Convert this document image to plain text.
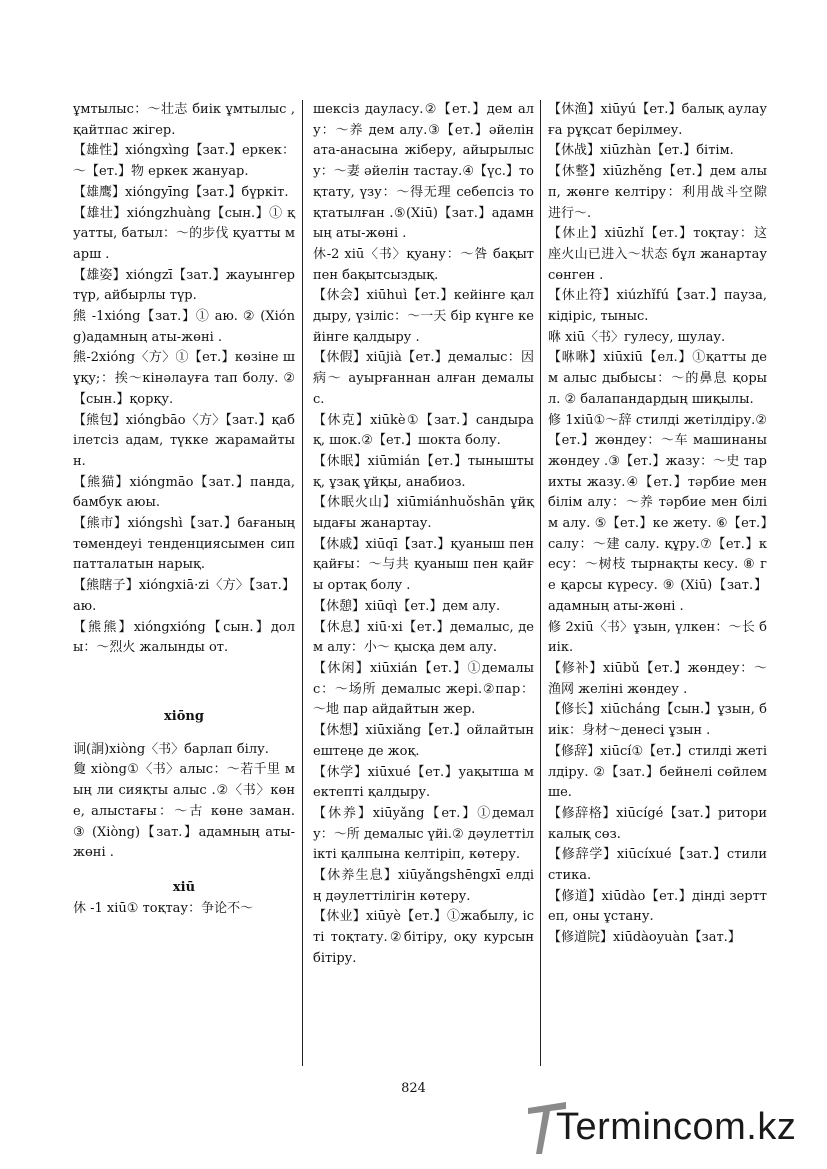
ұмтылыс：～壮志 биік ұмтылыс , қайтпас жігер.

【雄性】xióngxìng【зат.】еркек：～【ет.】物 еркек жануар.

【雄鹰】xióngyīng【зат.】бүркіт.

【雄壮】xióngzhuàng【сын.】① қуатты, батыл：～的步伐 қуатты марш .

【雄姿】xióngzī【зат.】жауынгер түр, айбырлы түр.

熊 -1xióng【зат.】① аю. ② (Xióng)адамның аты-жөні .

熊-2xióng〈方〉①【ет.】көзіне шұқу;：挨～кінәлауға тап болу. ②【сын.】қорқу.

【熊包】xióngbāo〈方〉【зат.】қабілетсіз адам, түкке жарамайтын.

【熊猫】xióngmāo【зат.】панда, бамбук аюы.

【熊市】xióngshì【зат.】бағаның төмендеуі тенденциясымен сиппатталатын нарық.

【熊瞎子】xióngxiā·zi〈方〉【зат.】аю.

【熊熊】xióngxióng【сын.】долы：～烈火 жалынды от.

xiōng

诇(詗)xiòng〈书〉барлап білу.

敻 xiòng①〈书〉алыс：～若千里 мың ли сияқты алыс .②〈书〉көне, алыстағы：～古 көне заман. ③ (Xiòng)【зат.】адамның аты-жөні .

xiū

休 -1 xiū① тоқтау：争论不～

шексіз дауласу.②【ет.】дем алу：～养 дем алу.③【ет.】әйелін ата-анасына жіберу, айырылысу：～妻 әйелін тастау.④【үс.】тоқтату, үзу：～得无理 себепсіз тоқтатылған .⑤(Xiū)【зат.】адамның аты-жөні .

休-2 xiū〈书〉қуану：～咎 бақыт пен бақытсыздық.

【休会】xiūhuì【ет.】кейінге қалдыру, үзіліс：～一天 бір күнге кейінге қалдыру .

【休假】xiūjià【ет.】демалыс：因病～ ауырғаннан алған демалыс.

【休克】xiūkè①【зат.】сандырақ, шок.②【ет.】шокта болу.

【休眠】xiūmián【ет.】тыныштық, ұзақ ұйқы, анабиоз.

【休眠火山】xiūmiánhuǒshān ұйқыдағы жанартау.

【休戚】xiūqī【зат.】қуаныш пен қайғы：～与共 қуаныш пен қайғы ортақ болу .

【休憩】xiūqì【ет.】дем алу.

【休息】xiū·xi【ет.】демалыс, дем алу：小～ қысқа дем алу.

【休闲】xiūxián【ет.】①демалыс：～场所 демалыс жері.②пар：～地 пар айдайтын жер.

【休想】xiūxiǎng【ет.】ойлайтын ештеңе де жоқ.

【休学】xiūxué【ет.】уақытша мектепті қалдыру.

【休养】xiūyǎng【ет.】①демалу：～所 демалыс үйі.② дәулеттілікті қалпына келтіріп, көтеру.

【休养生息】xiūyǎngshēngxī елдің дәулеттілігін көтеру.

【休业】xiūyè【ет.】①жабылу, істі тоқтату.②бітіру, оқу курсын бітіру.

【休渔】xiūyú【ет.】балық аулауға рұқсат берілмеу.

【休战】xiūzhàn【ет.】бітім.

【休整】xiūzhěng【ет.】дем алып, жөнге келтіру：利用战斗空隙进行～.

【休止】xiūzhǐ【ет.】тоқтау：这座火山已进入～状态 бұл жанартау сөнген .

【休止符】xiúzhǐfú【зат.】пауза, кідіріс, тыныс.

咻 xiū〈书〉гулесу, шулау.

【咻咻】xiūxiū【ел.】①қатты дем алыс дыбысы：～的鼻息 қорыл. ② балапандардың шиқылы.

修 1xiū①～辞 стилді жетілдіру.②【ет.】жөндеу：～车 машинаны жөндеу .③【ет.】жазу：～史 тарихты жазу.④【ет.】тәрбие мен білім алу：～养 тәрбие мен білім алу. ⑤【ет.】ке жету. ⑥【ет.】салу：～建 салу. құру.⑦【ет.】кесу：～树枝 тырнақты кесу. ⑧ ге қарсы күресу. ⑨ (Xiū)【зат.】адамның аты-жөні .

修 2xiū〈书〉ұзын, үлкен：～长 биік.

【修补】xiūbǔ【ет.】жөндеу：～渔网 желіні жөндеу .

【修长】xiūcháng【сын.】ұзын, биік：身材～денесі ұзын .

【修辞】xiūcí①【ет.】стилді жетілдіру. ②【зат.】бейнелі сөйлемше.

【修辞格】xiūcígé【зат.】риторикалық сөз.

【修辞学】xiūcíxué【зат.】стилистика.

【修道】xiūdào【ет.】діндi зерттеп, оны ұстану.

【修道院】xiūdàoyuàn【зат.】

824
Termincom.kz
